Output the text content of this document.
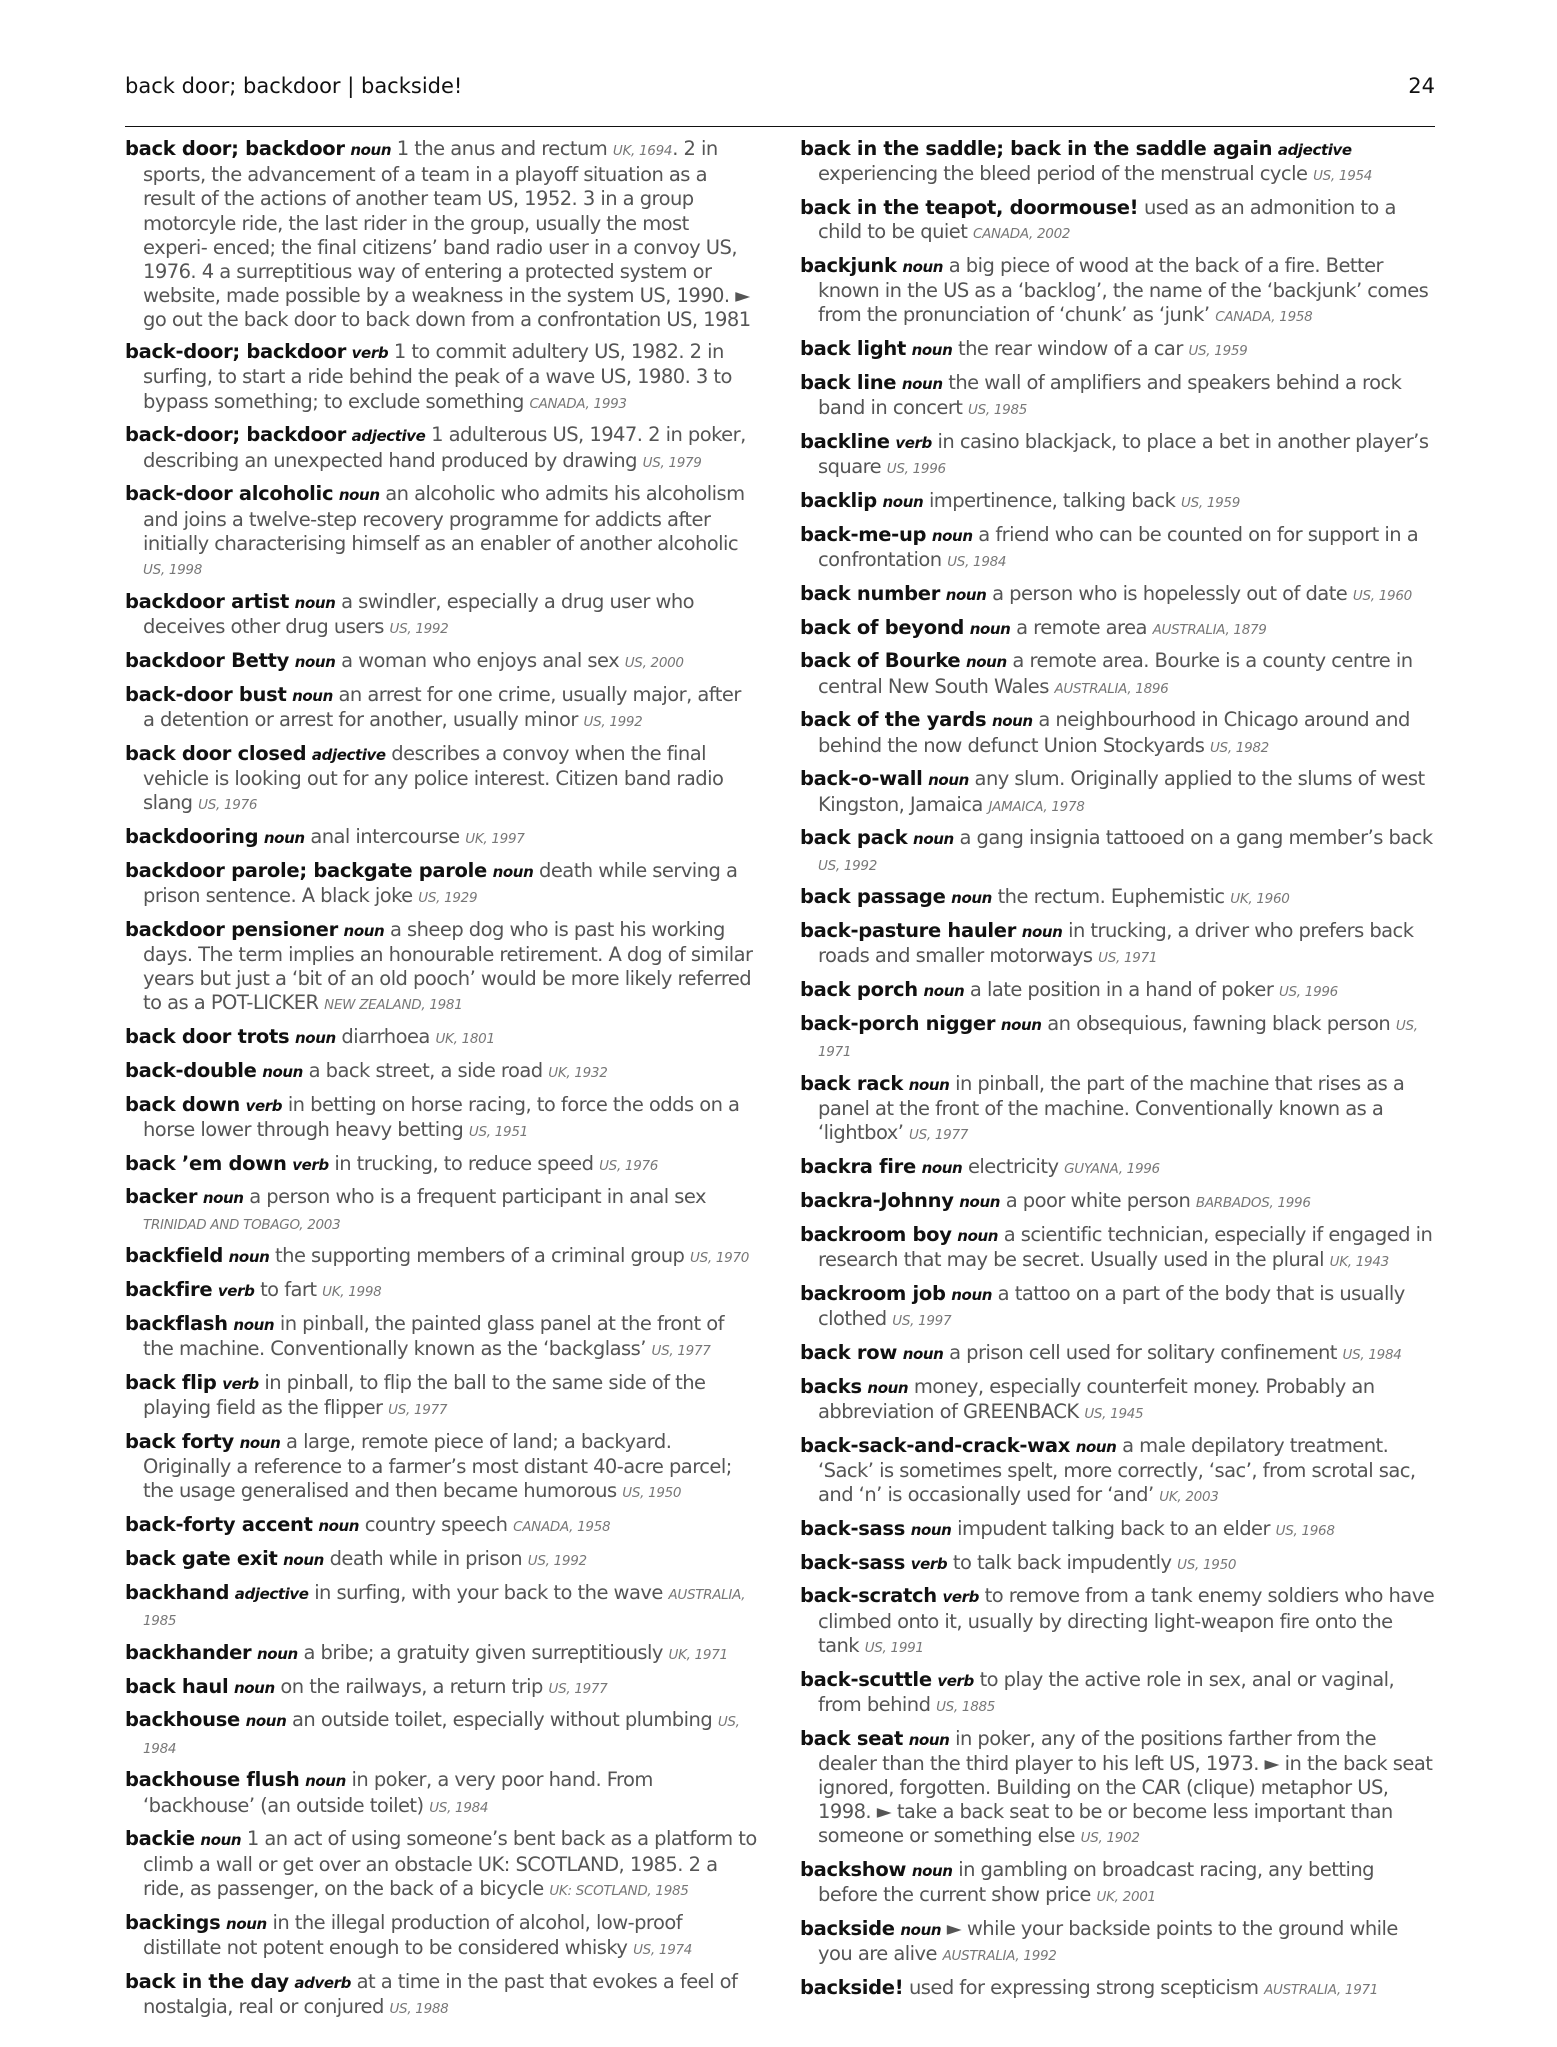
back door; backdoor | backside!	24

back door; backdoor noun 1 the anus and rectum UK, 1694. 2 in sports, the advancement of a team in a playoff situation as a result of the actions of another team US, 1952. 3 in a group motorcyle ride, the last rider in the group, usually the most experi- enced; the final citizens’ band radio user in a convoy US, 1976. 4 a surreptitious way of entering a protected system or website, made possible by a weakness in the system US, 1990. ► go out the back door to back down from a confrontation US, 1981

back-door; backdoor verb 1 to commit adultery US, 1982. 2 in surfing, to start a ride behind the peak of a wave US, 1980. 3 to bypass something; to exclude something CANADA, 1993

back-door; backdoor adjective 1 adulterous US, 1947. 2 in poker, describing an unexpected hand produced by drawing US, 1979

back-door alcoholic noun an alcoholic who admits his alcoholism and joins a twelve-step recovery programme for addicts after initially characterising himself as an enabler of another alcoholic US, 1998

backdoor artist noun a swindler, especially a drug user who deceives other drug users US, 1992

backdoor Betty noun a woman who enjoys anal sex US, 2000

back-door bust noun an arrest for one crime, usually major, after a detention or arrest for another, usually minor US, 1992

back door closed adjective describes a convoy when the final vehicle is looking out for any police interest. Citizen band radio slang US, 1976

backdooring noun anal intercourse UK, 1997

backdoor parole; backgate parole noun death while serving a prison sentence. A black joke US, 1929

backdoor pensioner noun a sheep dog who is past his working days. The term implies an honourable retirement. A dog of similar years but just a ‘bit of an old pooch’ would be more likely referred to as a POT-LICKER NEW ZEALAND, 1981

back door trots noun diarrhoea UK, 1801

back-double noun a back street, a side road UK, 1932

back down verb in betting on horse racing, to force the odds on a horse lower through heavy betting US, 1951

back ’em down verb in trucking, to reduce speed US, 1976

backer noun a person who is a frequent participant in anal sex TRINIDAD AND TOBAGO, 2003

backfield noun the supporting members of a criminal group US, 1970

backfire verb to fart UK, 1998

backflash noun in pinball, the painted glass panel at the front of the machine. Conventionally known as the ‘backglass’ US, 1977

back flip verb in pinball, to flip the ball to the same side of the playing field as the flipper US, 1977

back forty noun a large, remote piece of land; a backyard. Originally a reference to a farmer’s most distant 40-acre parcel; the usage generalised and then became humorous US, 1950

back-forty accent noun country speech CANADA, 1958

back gate exit noun death while in prison US, 1992

backhand adjective in surfing, with your back to the wave AUSTRALIA, 1985

backhander noun a bribe; a gratuity given surreptitiously UK, 1971

back haul noun on the railways, a return trip US, 1977

backhouse noun an outside toilet, especially without plumbing US, 1984

backhouse flush noun in poker, a very poor hand. From ‘backhouse’ (an outside toilet) US, 1984

backie noun 1 an act of using someone’s bent back as a platform to climb a wall or get over an obstacle UK: SCOTLAND, 1985. 2 a ride, as passenger, on the back of a bicycle UK: SCOTLAND, 1985

backings noun in the illegal production of alcohol, low-proof distillate not potent enough to be considered whisky US, 1974

back in the day adverb at a time in the past that evokes a feel of nostalgia, real or conjured US, 1988

back in the saddle; back in the saddle again adjective experiencing the bleed period of the menstrual cycle US, 1954

back in the teapot, doormouse! used as an admonition to a child to be quiet CANADA, 2002

backjunk noun a big piece of wood at the back of a fire. Better known in the US as a ‘backlog’, the name of the ‘backjunk’ comes from the pronunciation of ‘chunk’ as ‘junk’ CANADA, 1958

back light noun the rear window of a car US, 1959

back line noun the wall of amplifiers and speakers behind a rock band in concert US, 1985

backline verb in casino blackjack, to place a bet in another player’s square US, 1996

backlip noun impertinence, talking back US, 1959

back-me-up noun a friend who can be counted on for support in a confrontation US, 1984

back number noun a person who is hopelessly out of date US, 1960

back of beyond noun a remote area AUSTRALIA, 1879

back of Bourke noun a remote area. Bourke is a county centre in central New South Wales AUSTRALIA, 1896

back of the yards noun a neighbourhood in Chicago around and behind the now defunct Union Stockyards US, 1982

back-o-wall noun any slum. Originally applied to the slums of west Kingston, Jamaica JAMAICA, 1978

back pack noun a gang insignia tattooed on a gang member’s back US, 1992

back passage noun the rectum. Euphemistic UK, 1960

back-pasture hauler noun in trucking, a driver who prefers back roads and smaller motorways US, 1971

back porch noun a late position in a hand of poker US, 1996

back-porch nigger noun an obsequious, fawning black person US, 1971

back rack noun in pinball, the part of the machine that rises as a panel at the front of the machine. Conventionally known as a ‘lightbox’ US, 1977

backra fire noun electricity GUYANA, 1996

backra-Johnny noun a poor white person BARBADOS, 1996

backroom boy noun a scientific technician, especially if engaged in research that may be secret. Usually used in the plural UK, 1943

backroom job noun a tattoo on a part of the body that is usually clothed US, 1997

back row noun a prison cell used for solitary confinement US, 1984

backs noun money, especially counterfeit money. Probably an abbreviation of GREENBACK US, 1945

back-sack-and-crack-wax noun a male depilatory treatment. ‘Sack’ is sometimes spelt, more correctly, ‘sac’, from scrotal sac, and ‘n’ is occasionally used for ‘and’ UK, 2003

back-sass noun impudent talking back to an elder US, 1968

back-sass verb to talk back impudently US, 1950

back-scratch verb to remove from a tank enemy soldiers who have climbed onto it, usually by directing light-weapon fire onto the tank US, 1991

back-scuttle verb to play the active role in sex, anal or vaginal, from behind US, 1885

back seat noun in poker, any of the positions farther from the dealer than the third player to his left US, 1973. ► in the back seat ignored, forgotten. Building on the CAR (clique) metaphor US, 1998. ► take a back seat to be or become less important than someone or something else US, 1902

backshow noun in gambling on broadcast racing, any betting before the current show price UK, 2001

backside noun ► while your backside points to the ground while you are alive AUSTRALIA, 1992

backside! used for expressing strong scepticism AUSTRALIA, 1971
